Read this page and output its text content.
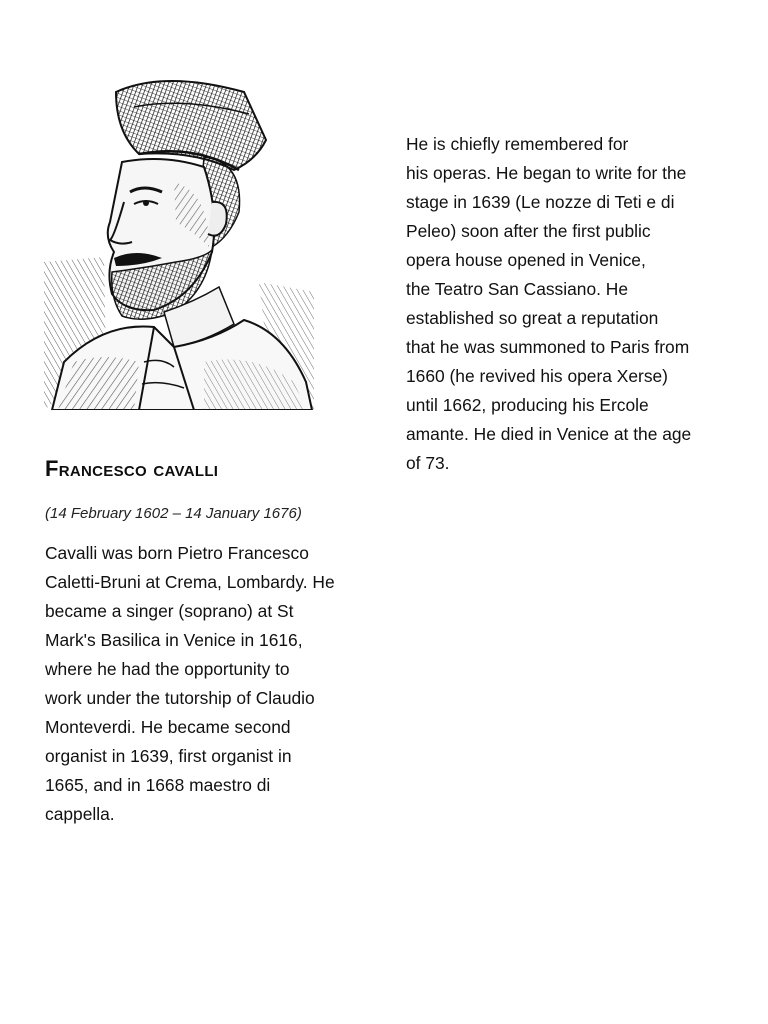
Francesco cavalli

(14 February 1602 – 14 January 1676)

Cavalli was born Pietro Francesco
Caletti-Bruni at Crema, Lombardy. He
became a singer (soprano) at St
Mark's Basilica in Venice in 1616,
where he had the opportunity to
work under the tutorship of Claudio
Monteverdi. He became second
organist in 1639, first organist in
1665, and in 1668 maestro di
cappella.

He is chiefly remembered for
his operas. He began to write for the
stage in 1639 (Le nozze di Teti e di
Peleo) soon after the first public
opera house opened in Venice,
the Teatro San Cassiano. He
established so great a reputation
that he was summoned to Paris from
1660 (he revived his opera Xerse)
until 1662, producing his Ercole
amante. He died in Venice at the age
of 73.
